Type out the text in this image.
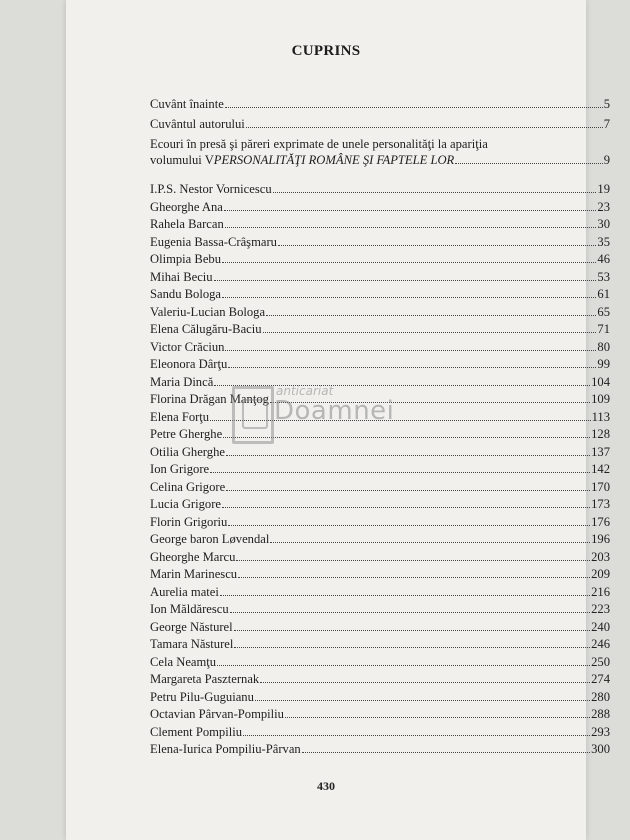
CUPRINS
Cuvânt înainte	5
Cuvântul autorului	7
Ecouri în presă şi păreri exprimate de unele personalităţi la apariţia
volumului V PERSONALITĂŢI ROMÂNE ŞI FAPTELE LOR	9
I.P.S. Nestor Vornicescu	19
Gheorghe Ana	23
Rahela Barcan	30
Eugenia Bassa-Crâşmaru	35
Olimpia Bebu	46
Mihai Beciu	53
Sandu Bologa	61
Valeriu-Lucian Bologa	65
Elena Călugăru-Baciu	71
Victor Crăciun	80
Eleonora Dârţu	99
Maria Dincă	104
Florina Drăgan Manţog	109
Elena Forţu	113
Petre Gherghe	128
Otilia Gherghe	137
Ion Grigore	142
Celina Grigore	170
Lucia Grigore	173
Florin Grigoriu	176
George baron Løvendal	196
Gheorghe Marcu	203
Marin Marinescu	209
Aurelia matei	216
Ion Măldărescu	223
George Năsturel	240
Tamara Năsturel	246
Cela Neamţu	250
Margareta Paszternak	274
Petru Pilu-Guguianu	280
Octavian Pârvan-Pompiliu	288
Clement Pompiliu	293
Elena-Iurica Pompiliu-Pârvan	300
430
anticariat
Doamnei
